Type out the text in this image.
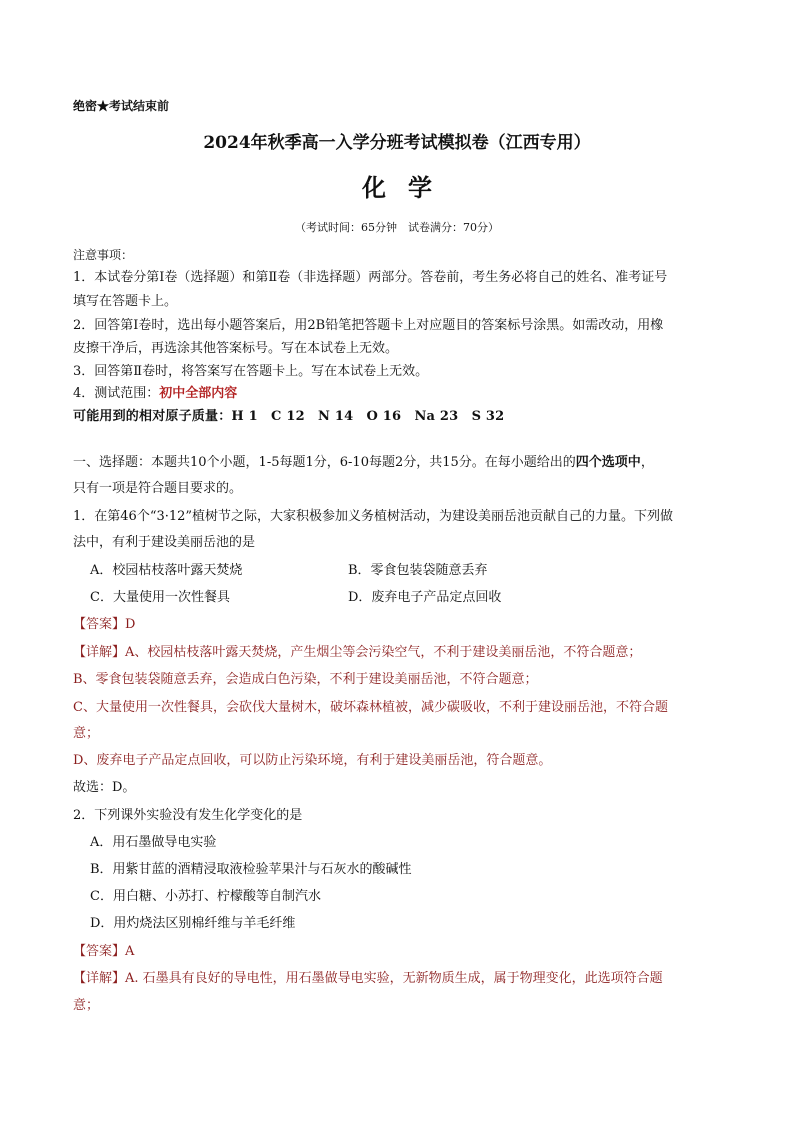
绝密★考试结束前
2024年秋季高一入学分班考试模拟卷（江西专用）
化学
（考试时间：65分钟　试卷满分：70分）
注意事项：
1．本试卷分第Ⅰ卷（选择题）和第Ⅱ卷（非选择题）两部分。答卷前，考生务必将自己的姓名、准考证号
填写在答题卡上。
2．回答第Ⅰ卷时，选出每小题答案后，用2B铅笔把答题卡上对应题目的答案标号涂黑。如需改动，用橡
皮擦干净后，再选涂其他答案标号。写在本试卷上无效。
3．回答第Ⅱ卷时，将答案写在答题卡上。写在本试卷上无效。
4．测试范围：初中全部内容
可能用到的相对原子质量：H 1　C 12　N 14　O 16　Na 23　S 32
一、选择题：本题共10个小题，1-5每题1分，6-10每题2分，共15分。在每小题给出的四个选项中，
只有一项是符合题目要求的。
1．在第46个“3·12”植树节之际，大家积极参加义务植树活动，为建设美丽岳池贡献自己的力量。下列做
法中，有利于建设美丽岳池的是
A．校园枯枝落叶露天焚烧	B．零食包装袋随意丢弃
C．大量使用一次性餐具	D．废弃电子产品定点回收
【答案】D
【详解】A、校园枯枝落叶露天焚烧，产生烟尘等会污染空气，不利于建设美丽岳池，不符合题意；
B、零食包装袋随意丢弃，会造成白色污染，不利于建设美丽岳池，不符合题意；
C、大量使用一次性餐具，会砍伐大量树木，破坏森林植被，减少碳吸收，不利于建设丽岳池，不符合题
意；
D、废弃电子产品定点回收，可以防止污染环境，有利于建设美丽岳池，符合题意。
故选：D。
2．下列课外实验没有发生化学变化的是
A．用石墨做导电实验
B．用紫甘蓝的酒精浸取液检验苹果汁与石灰水的酸碱性
C．用白糖、小苏打、柠檬酸等自制汽水
D．用灼烧法区别棉纤维与羊毛纤维
【答案】A
【详解】A. 石墨具有良好的导电性，用石墨做导电实验，无新物质生成，属于物理变化，此选项符合题
意；
